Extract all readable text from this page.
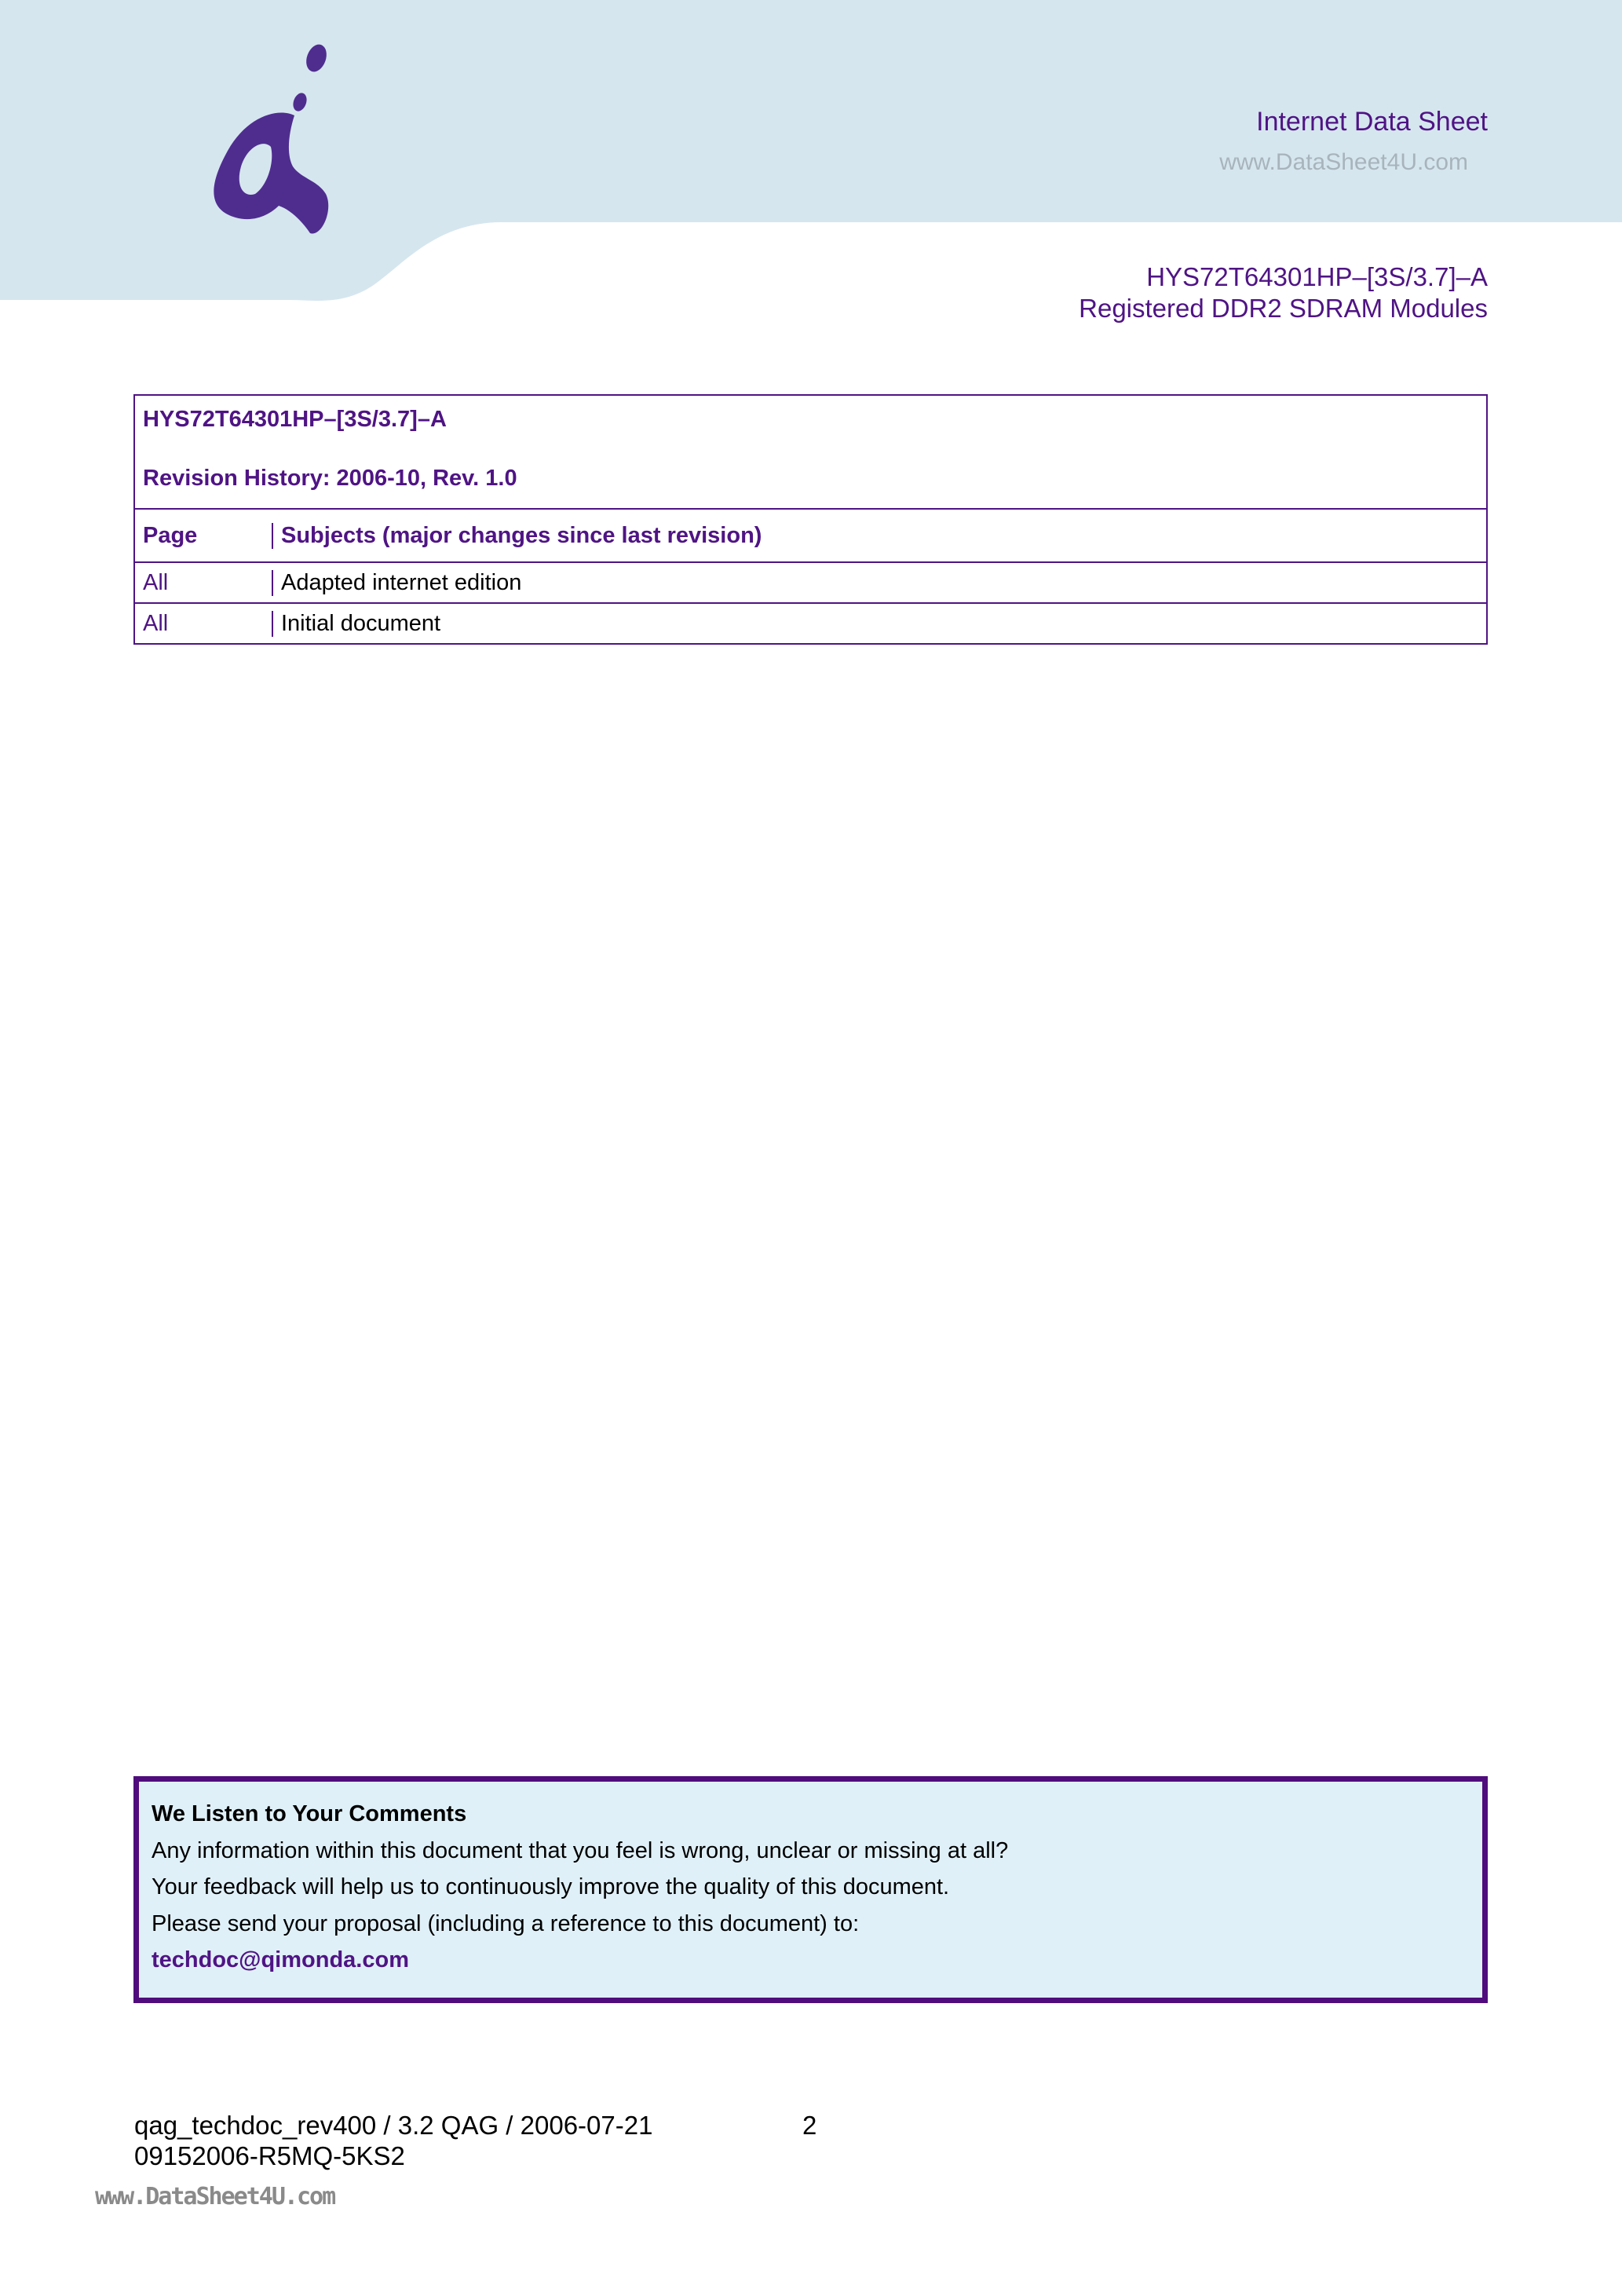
Internet Data Sheet
www.DataSheet4U.com
HYS72T64301HP–[3S/3.7]–A
Registered DDR2 SDRAM Modules
HYS72T64301HP–[3S/3.7]–A
Revision History: 2006-10, Rev. 1.0
Page	Subjects (major changes since last revision)
All	Adapted internet edition
All	Initial document
We Listen to Your Comments
Any information within this document that you feel is wrong, unclear or missing at all?
Your feedback will help us to continuously improve the quality of this document.
Please send your proposal (including a reference to this document) to:
techdoc@qimonda.com
qag_techdoc_rev400 / 3.2 QAG / 2006-07-21
09152006-R5MQ-5KS2
2
www.DataSheet4U.com
